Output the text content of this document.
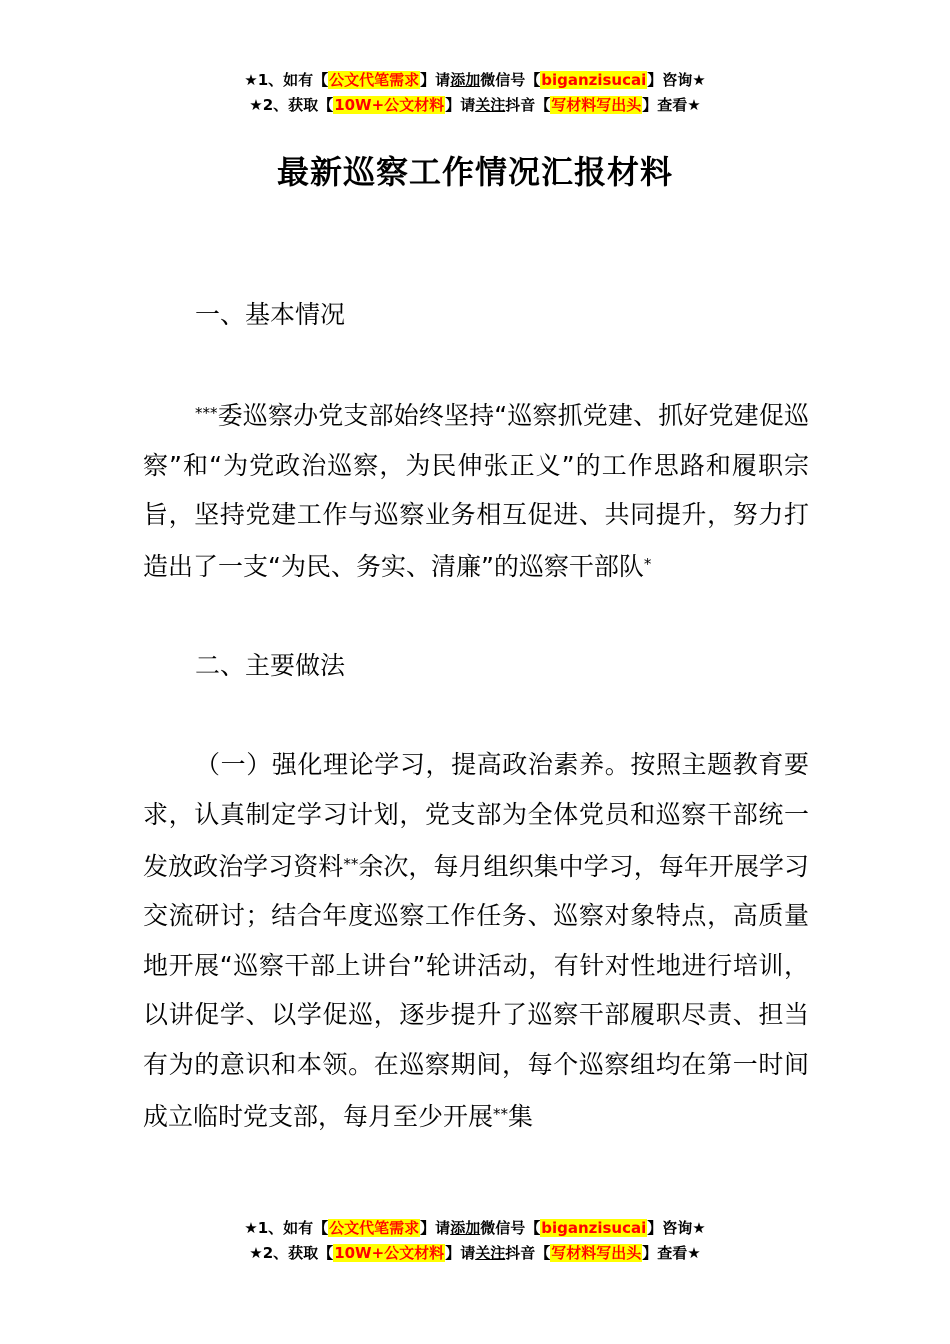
★1、如有【公文代笔需求】请添加微信号【biganzisucai】咨询★
★2、获取【10W+公文材料】请关注抖音【写材料写出头】查看★
最新巡察工作情况汇报材料

一、基本情况

***委巡察办党支部始终坚持“巡察抓党建、抓好党建促巡察”和“为党政治巡察，为民伸张正义”的工作思路和履职宗旨，坚持党建工作与巡察业务相互促进、共同提升，努力打造出了一支“为民、务实、清廉”的巡察干部队*

二、主要做法

（一）强化理论学习，提高政治素养。按照主题教育要求，认真制定学习计划，党支部为全体党员和巡察干部统一发放政治学习资料**余次，每月组织集中学习，每年开展学习交流研讨；结合年度巡察工作任务、巡察对象特点，高质量地开展“巡察干部上讲台”轮讲活动，有针对性地进行培训，以讲促学、以学促巡，逐步提升了巡察干部履职尽责、担当有为的意识和本领。在巡察期间，每个巡察组均在第一时间成立临时党支部，每月至少开展**集

★1、如有【公文代笔需求】请添加微信号【biganzisucai】咨询★
★2、获取【10W+公文材料】请关注抖音【写材料写出头】查看★
